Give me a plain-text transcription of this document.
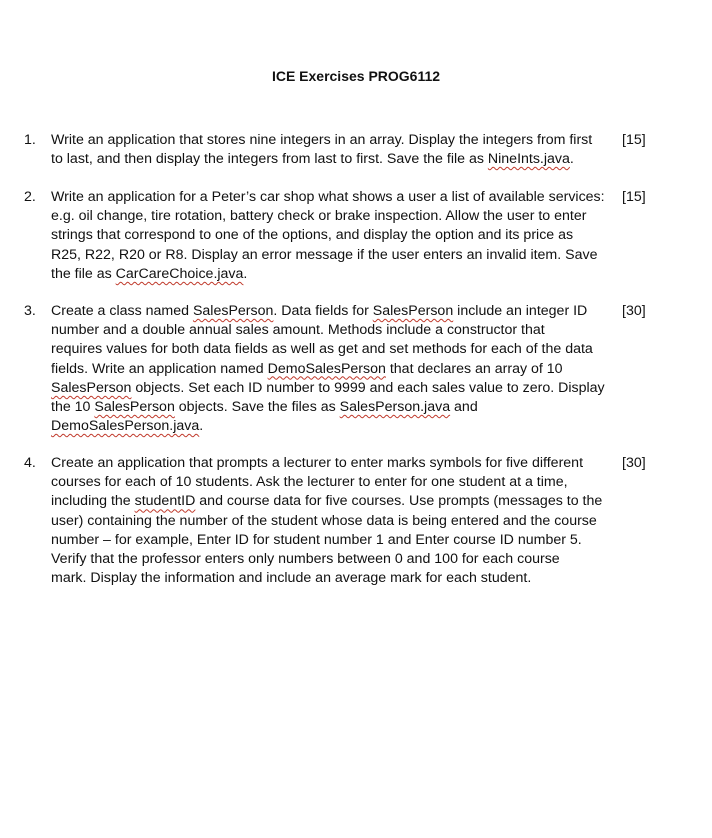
ICE Exercises PROG6112
1. Write an application that stores nine integers in an array. Display the integers from first
to last, and then display the integers from last to first. Save the file as NineInts.java.
[15]
2. Write an application for a Peter’s car shop what shows a user a list of available services:
e.g. oil change, tire rotation, battery check or brake inspection. Allow the user to enter
strings that correspond to one of the options, and display the option and its price as
R25, R22, R20 or R8. Display an error message if the user enters an invalid item. Save
the file as CarCareChoice.java.
[15]
3. Create a class named SalesPerson. Data fields for SalesPerson include an integer ID
number and a double annual sales amount. Methods include a constructor that
requires values for both data fields as well as get and set methods for each of the data
fields. Write an application named DemoSalesPerson that declares an array of 10
SalesPerson objects. Set each ID number to 9999 and each sales value to zero. Display
the 10 SalesPerson objects. Save the files as SalesPerson.java and
DemoSalesPerson.java.
[30]
4. Create an application that prompts a lecturer to enter marks symbols for five different
courses for each of 10 students. Ask the lecturer to enter for one student at a time,
including the studentID and course data for five courses. Use prompts (messages to the
user) containing the number of the student whose data is being entered and the course
number – for example, Enter ID for student number 1 and Enter course ID number 5.
Verify that the professor enters only numbers between 0 and 100 for each course
mark. Display the information and include an average mark for each student.
[30]
